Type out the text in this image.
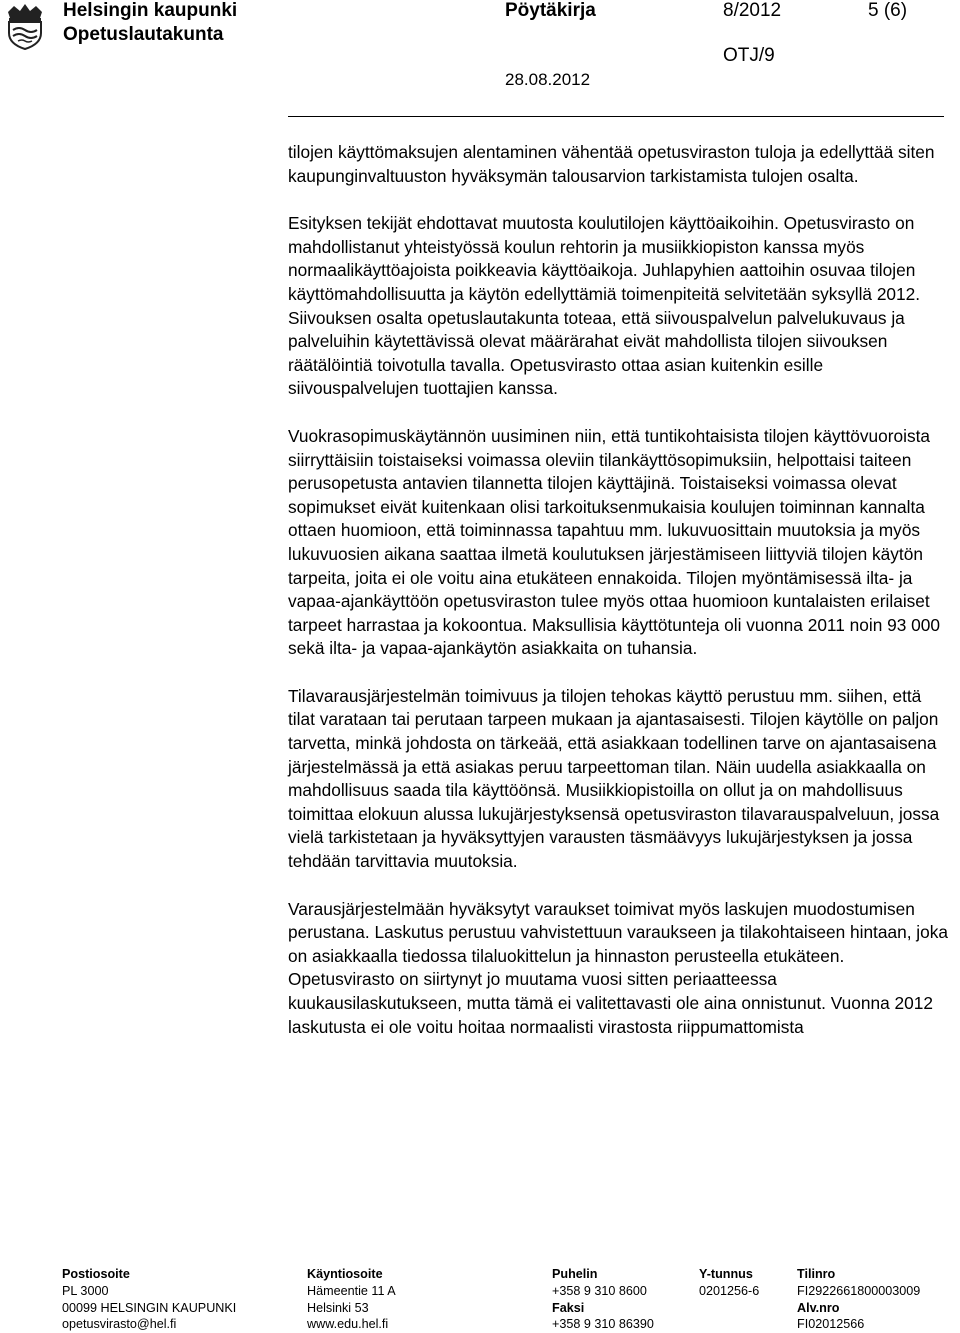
Helsingin kaupunki
Opetuslautakunta
Pöytäkirja	8/2012	5 (6)
OTJ/9
28.08.2012

tilojen käyttömaksujen alentaminen vähentää opetusviraston tuloja ja edellyttää siten kaupunginvaltuuston hyväksymän talousarvion tarkistamista tulojen osalta.

Esityksen tekijät ehdottavat muutosta koulutilojen käyttöaikoihin. Opetusvirasto on mahdollistanut yhteistyössä koulun rehtorin ja musiikkiopiston kanssa myös normaalikäyttöajoista poikkeavia käyttöaikoja. Juhlapyhien aattoihin osuvaa tilojen käyttömahdollisuutta ja käytön edellyttämiä toimenpiteitä selvitetään syksyllä 2012. Siivouksen osalta opetuslautakunta toteaa, että siivouspalvelun palvelukuvaus ja palveluihin käytettävissä olevat määrärahat eivät mahdollista tilojen siivouksen räätälöintiä toivotulla tavalla. Opetusvirasto ottaa asian kuitenkin esille siivouspalvelujen tuottajien kanssa.

Vuokrasopimuskäytännön uusiminen niin, että tuntikohtaisista tilojen käyttövuoroista siirryttäisiin toistaiseksi voimassa oleviin tilankäyttösopimuksiin, helpottaisi taiteen perusopetusta antavien tilannetta tilojen käyttäjinä. Toistaiseksi voimassa olevat sopimukset eivät kuitenkaan olisi tarkoituksenmukaisia koulujen toiminnan kannalta ottaen huomioon, että toiminnassa tapahtuu mm. lukuvuosittain muutoksia ja myös lukuvuosien aikana saattaa ilmetä koulutuksen järjestämiseen liittyviä tilojen käytön tarpeita, joita ei ole voitu aina etukäteen ennakoida. Tilojen myöntämisessä ilta- ja vapaa-ajankäyttöön opetusviraston tulee myös ottaa huomioon kuntalaisten erilaiset tarpeet harrastaa ja kokoontua. Maksullisia käyttötunteja oli vuonna 2011 noin 93 000 sekä ilta- ja vapaa-ajankäytön asiakkaita on tuhansia.

Tilavarausjärjestelmän toimivuus ja tilojen tehokas käyttö perustuu mm. siihen, että tilat varataan tai perutaan tarpeen mukaan ja ajantasaisesti. Tilojen käytölle on paljon tarvetta, minkä johdosta on tärkeää, että asiakkaan todellinen tarve on ajantasaisena järjestelmässä ja että asiakas peruu tarpeettoman tilan. Näin uudella asiakkaalla on mahdollisuus saada tila käyttöönsä. Musiikkiopistoilla on ollut ja on mahdollisuus toimittaa elokuun alussa lukujärjestyksensä opetusviraston tilavarauspalveluun, jossa vielä tarkistetaan ja hyväksyttyjen varausten täsmäävyys lukujärjestyksen ja jossa tehdään tarvittavia muutoksia.

Varausjärjestelmään hyväksytyt varaukset toimivat myös laskujen muodostumisen perustana. Laskutus perustuu vahvistettuun varaukseen ja tilakohtaiseen hintaan, joka on asiakkaalla tiedossa tilaluokittelun ja hinnaston perusteella etukäteen. Opetusvirasto on siirtynyt jo muutama vuosi sitten periaatteessa kuukausilaskutukseen, mutta tämä ei valitettavasti ole aina onnistunut. Vuonna 2012 laskutusta ei ole voitu hoitaa normaalisti virastosta riippumattomista

Postiosoite
PL 3000
00099 HELSINGIN KAUPUNKI
opetusvirasto@hel.fi
Käyntiosoite
Hämeentie 11 A
Helsinki 53
www.edu.hel.fi
Puhelin
+358 9 310 8600
Faksi
+358 9 310 86390
Y-tunnus
0201256-6
Tilinro
FI2922661800003009
Alv.nro
FI02012566
